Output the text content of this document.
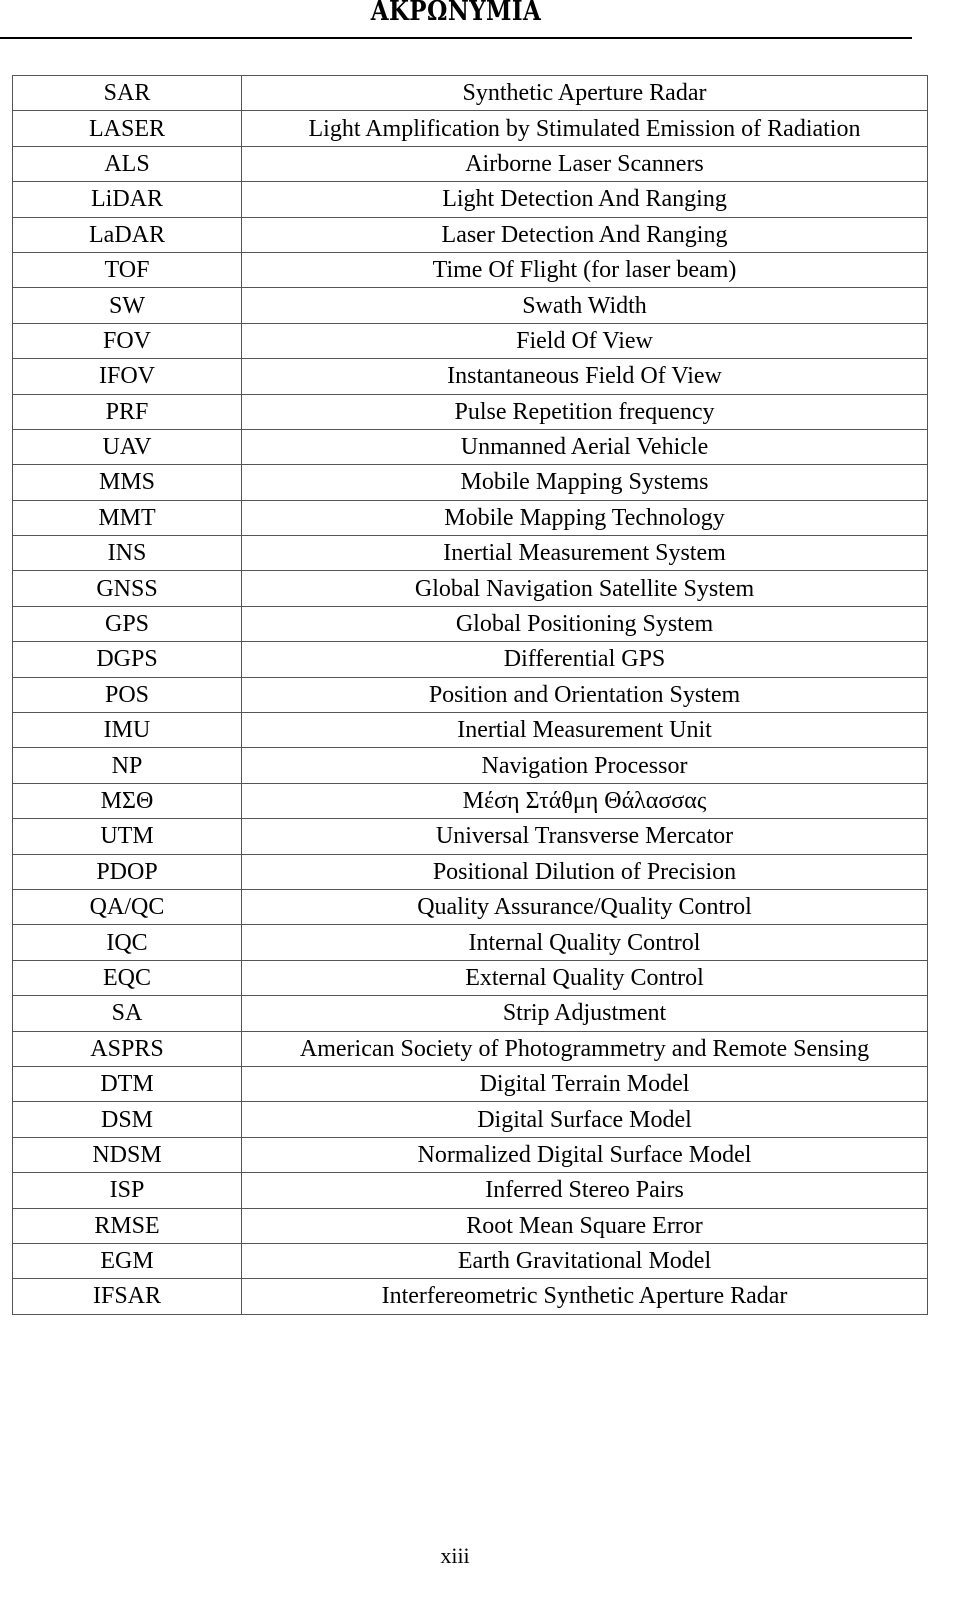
ΑΚΡΩΝΥΜΙΑ
SAR	Synthetic Aperture Radar
LASER	Light Amplification by Stimulated Emission of Radiation
ALS	Airborne Laser Scanners
LiDAR	Light Detection And Ranging
LaDAR	Laser Detection And Ranging
TOF	Time Of Flight (for laser beam)
SW	Swath Width
FOV	Field Of View
IFOV	Instantaneous Field Of View
PRF	Pulse Repetition frequency
UAV	Unmanned Aerial Vehicle
MMS	Mobile Mapping Systems
MMT	Mobile Mapping Technology
INS	Inertial Measurement System
GNSS	Global Navigation Satellite System
GPS	Global Positioning System
DGPS	Differential GPS
POS	Position and Orientation System
IMU	Inertial Measurement Unit
NP	Navigation Processor
ΜΣΘ	Μέση Στάθμη Θάλασσας
UTM	Universal Transverse Mercator
PDOP	Positional Dilution of Precision
QA/QC	Quality Assurance/Quality Control
IQC	Internal Quality Control
EQC	External Quality Control
SA	Strip Adjustment
ASPRS	American Society of Photogrammetry and Remote Sensing
DTM	Digital Terrain Model
DSM	Digital Surface Model
NDSM	Normalized Digital Surface Model
ISP	Inferred Stereo Pairs
RMSE	Root Mean Square Error
EGM	Earth Gravitational Model
IFSAR	Interfereometric Synthetic Aperture Radar
xiii
